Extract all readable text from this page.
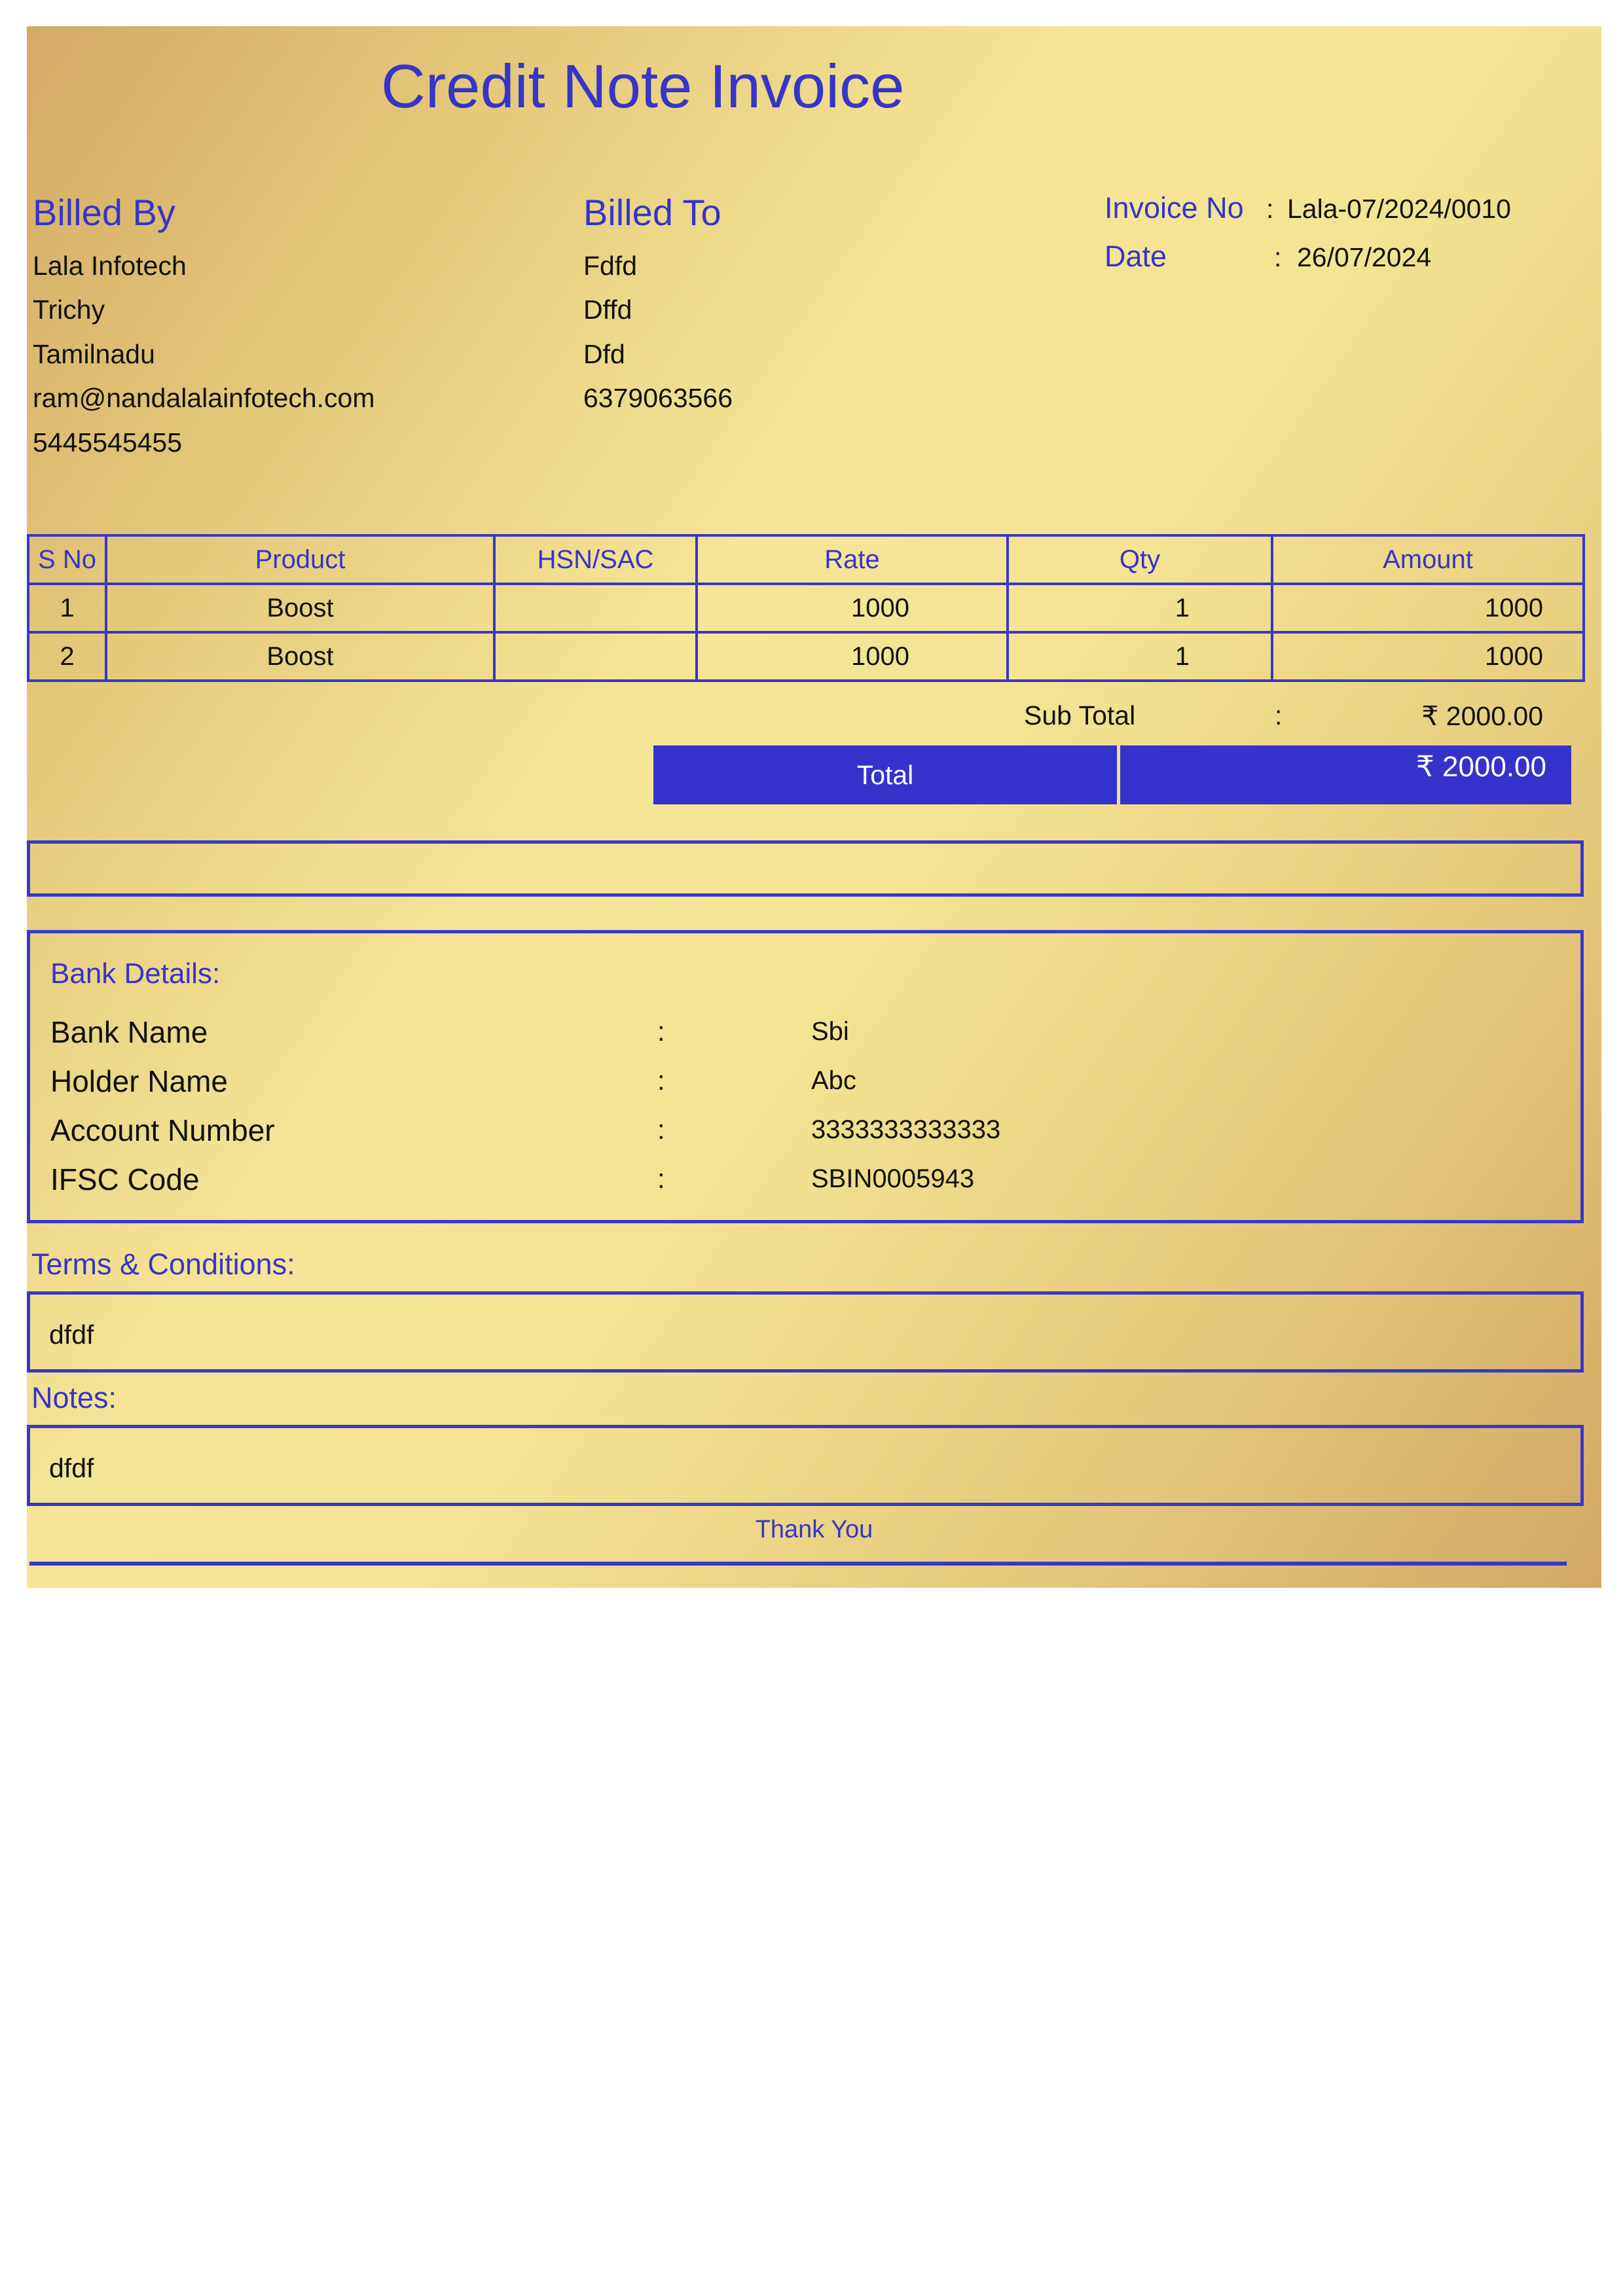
Credit Note Invoice
Billed By
Lala Infotech
Trichy
Tamilnadu
ram@nandalalainfotech.com
5445545455
Billed To
Fdfd
Dffd
Dfd
6379063566
Invoice No : Lala-07/2024/0010
Date	: 26/07/2024
S No	Product	HSN/SAC	Rate	Qty	Amount
1	Boost		1000	1	1000
2	Boost		1000	1	1000
Sub Total	:	₹ 2000.00
Total	₹ 2000.00
Bank Details:
Bank Name	:	Sbi
Holder Name	:	Abc
Account Number	:	3333333333333
IFSC Code	:	SBIN0005943
Terms & Conditions:
dfdf
Notes:
dfdf
Thank You
